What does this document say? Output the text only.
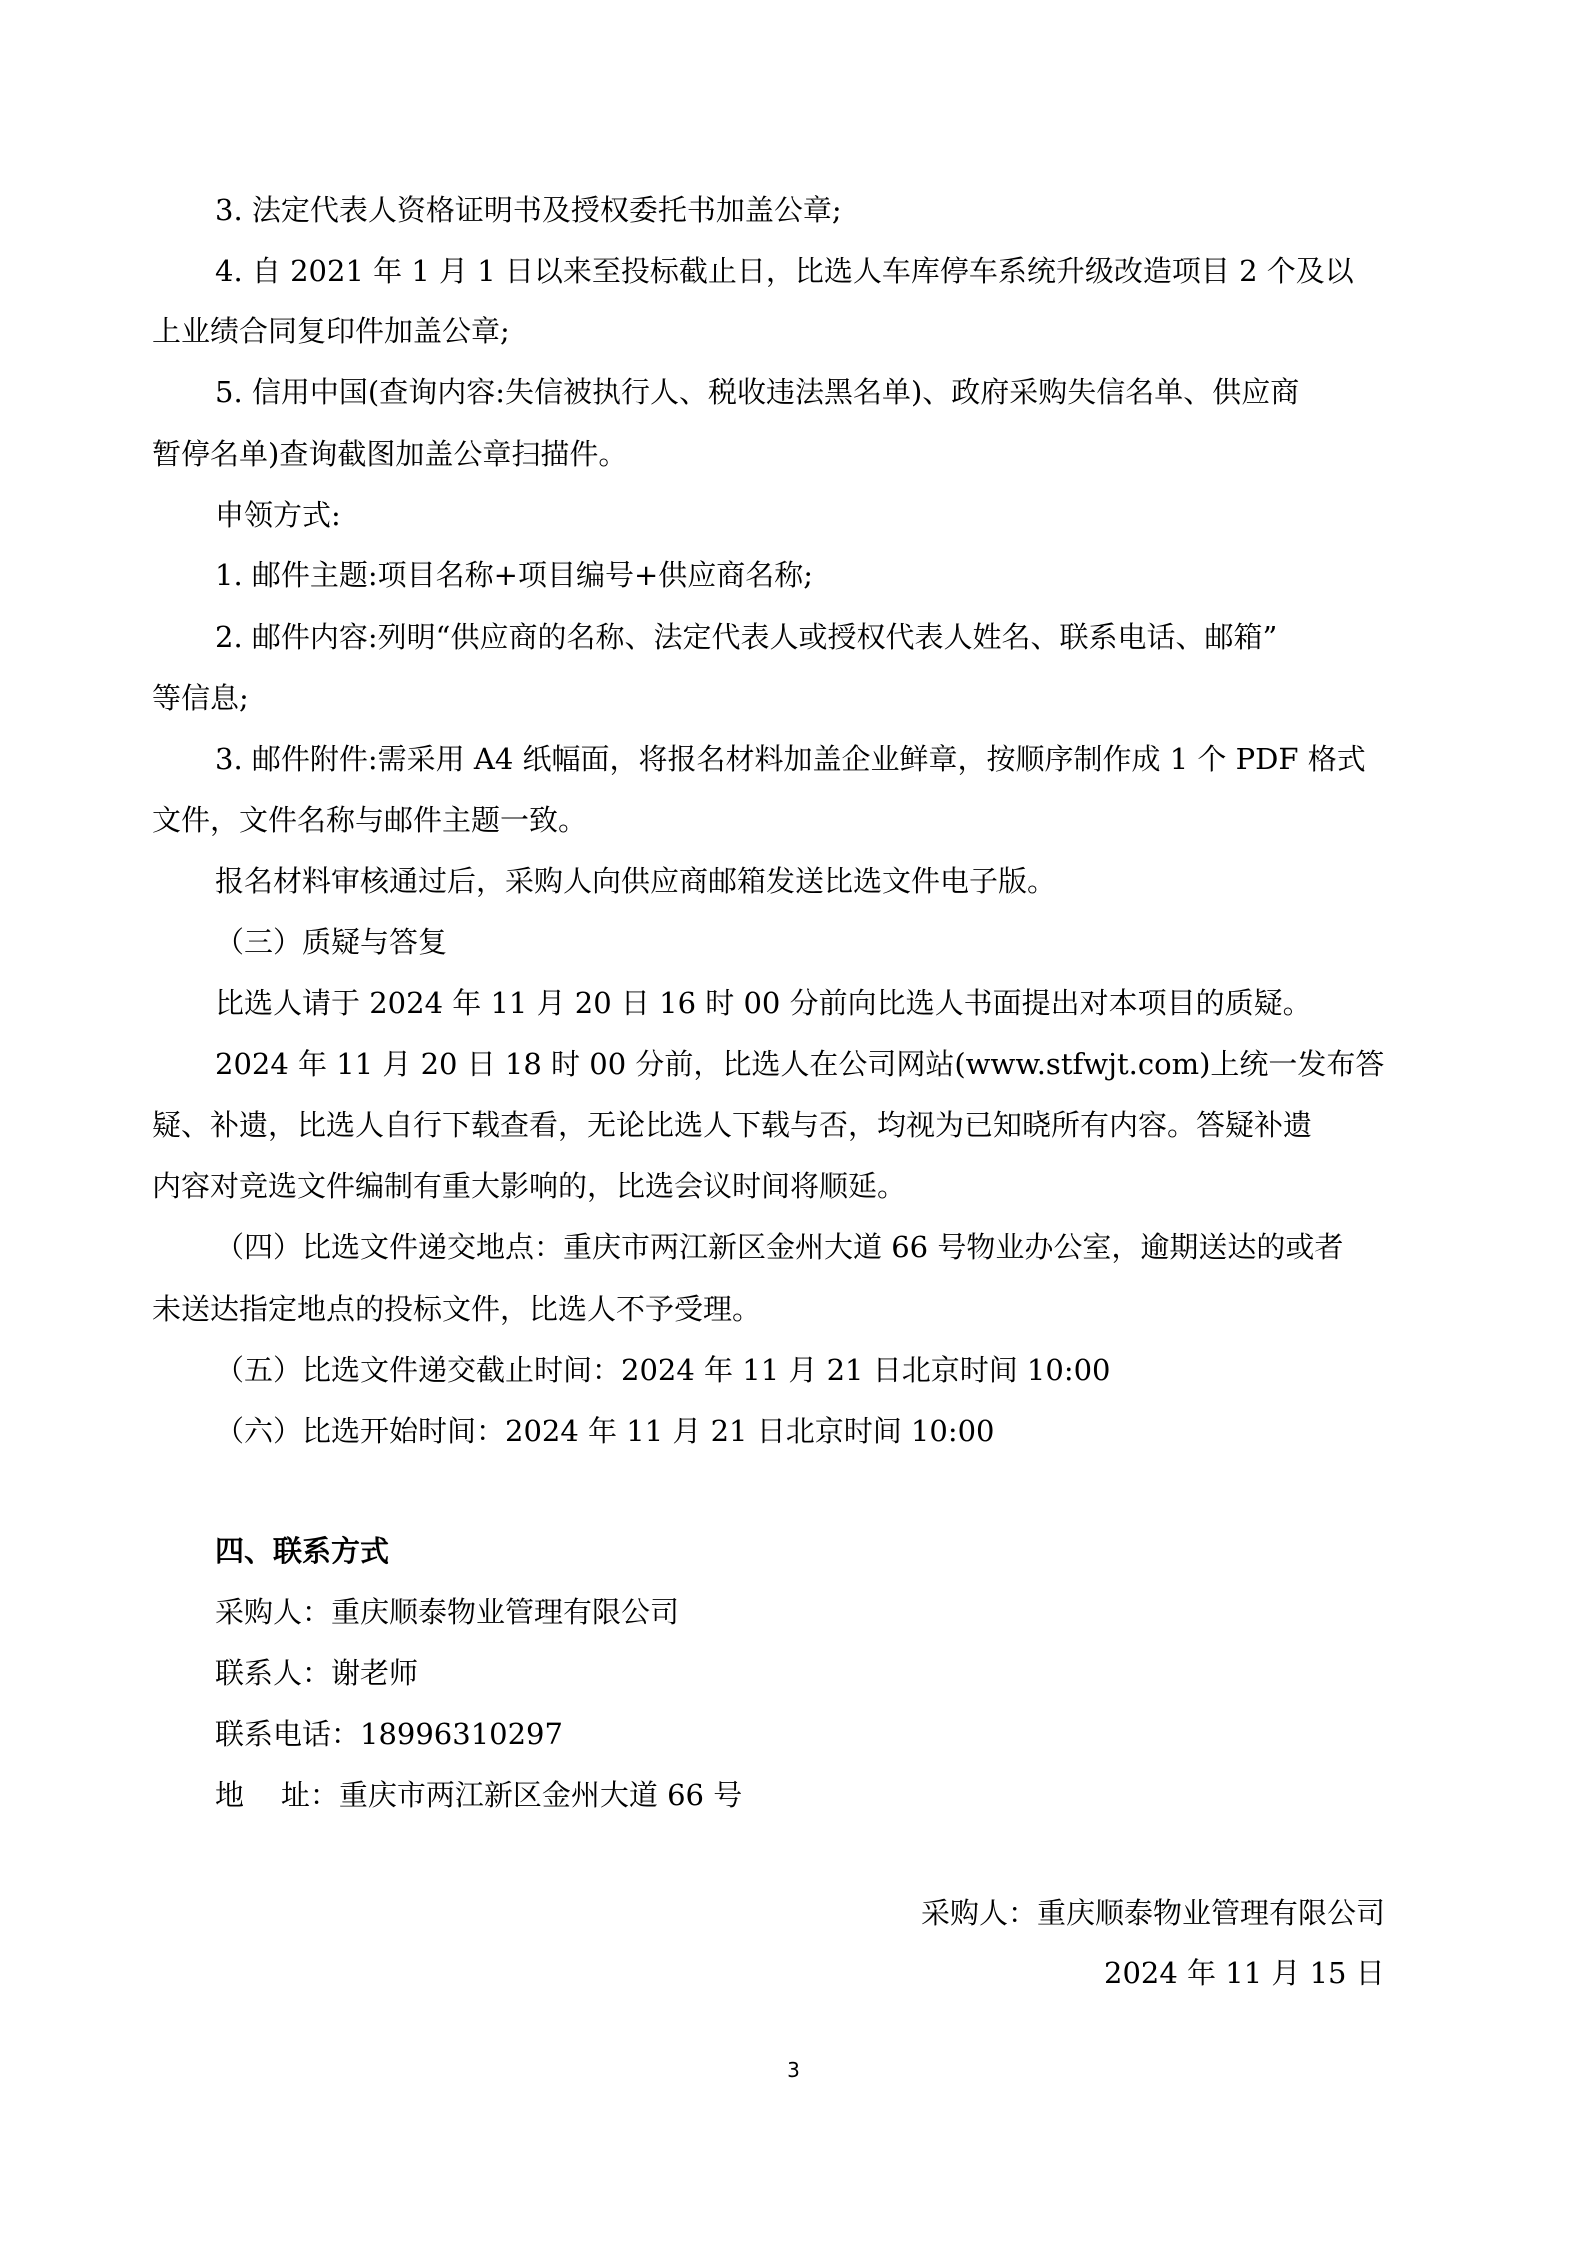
3. 法定代表人资格证明书及授权委托书加盖公章;
4. 自 2021 年 1 月 1 日以来至投标截止日，比选人车库停车系统升级改造项目 2 个及以
上业绩合同复印件加盖公章;
5. 信用中国(查询内容:失信被执行人、税收违法黑名单)、政府采购失信名单、供应商
暂停名单)查询截图加盖公章扫描件。
申领方式:
1. 邮件主题:项目名称+项目编号+供应商名称;
2. 邮件内容:列明“供应商的名称、法定代表人或授权代表人姓名、联系电话、邮箱”
等信息;
3. 邮件附件:需采用 A4 纸幅面，将报名材料加盖企业鲜章，按顺序制作成 1 个 PDF 格式
文件，文件名称与邮件主题一致。
报名材料审核通过后，采购人向供应商邮箱发送比选文件电子版。
（三）质疑与答复
比选人请于 2024 年 11 月 20 日 16 时 00 分前向比选人书面提出对本项目的质疑。
2024 年 11 月 20 日 18 时 00 分前，比选人在公司网站(www.stfwjt.com)上统一发布答
疑、补遗，比选人自行下载查看，无论比选人下载与否，均视为已知晓所有内容。答疑补遗
内容对竞选文件编制有重大影响的，比选会议时间将顺延。
（四）比选文件递交地点：重庆市两江新区金州大道 66 号物业办公室，逾期送达的或者
未送达指定地点的投标文件，比选人不予受理。
（五）比选文件递交截止时间：2024 年 11 月 21 日北京时间 10:00
（六）比选开始时间：2024 年 11 月 21 日北京时间 10:00
四、联系方式
采购人：重庆顺泰物业管理有限公司
联系人：谢老师
联系电话：18996310297
地    址：重庆市两江新区金州大道 66 号
采购人：重庆顺泰物业管理有限公司
2024 年 11 月 15 日
3
